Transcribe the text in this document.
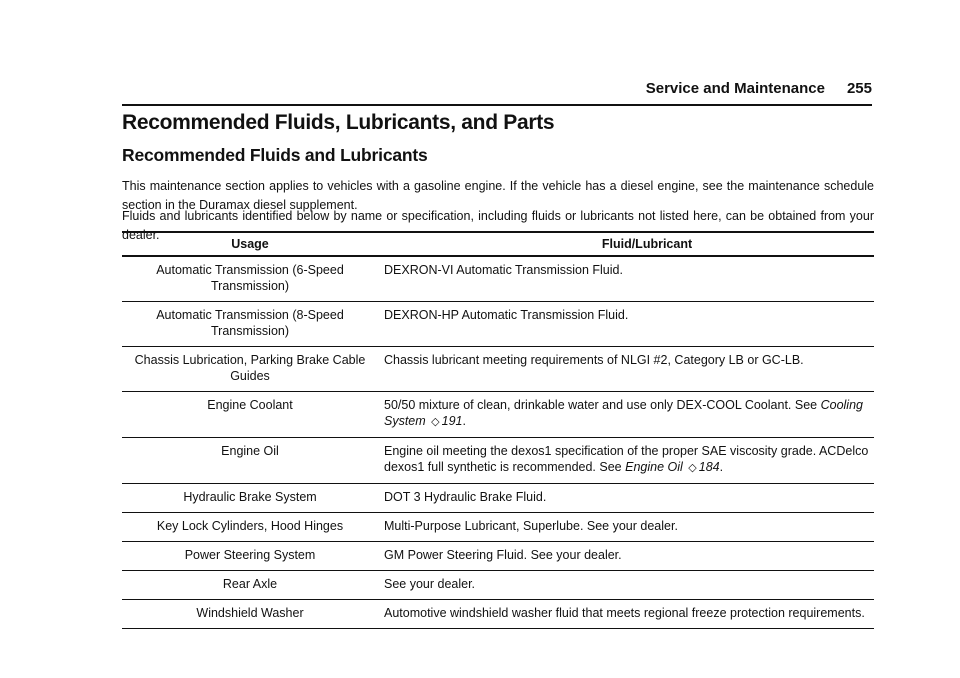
Service and Maintenance 255
Recommended Fluids, Lubricants, and Parts
Recommended Fluids and Lubricants

This maintenance section applies to vehicles with a gasoline engine. If the vehicle has a diesel engine, see the maintenance schedule section in the Duramax diesel supplement.

Fluids and lubricants identified below by name or specification, including fluids or lubricants not listed here, can be obtained from your dealer.

Usage	Fluid/Lubricant
Automatic Transmission (6-Speed Transmission)	DEXRON-VI Automatic Transmission Fluid.
Automatic Transmission (8-Speed Transmission)	DEXRON-HP Automatic Transmission Fluid.
Chassis Lubrication, Parking Brake Cable Guides	Chassis lubricant meeting requirements of NLGI #2, Category LB or GC-LB.
Engine Coolant	50/50 mixture of clean, drinkable water and use only DEX-COOL Coolant. See Cooling System ◇ 191.
Engine Oil	Engine oil meeting the dexos1 specification of the proper SAE viscosity grade. ACDelco dexos1 full synthetic is recommended. See Engine Oil ◇ 184.
Hydraulic Brake System	DOT 3 Hydraulic Brake Fluid.
Key Lock Cylinders, Hood Hinges	Multi-Purpose Lubricant, Superlube. See your dealer.
Power Steering System	GM Power Steering Fluid. See your dealer.
Rear Axle	See your dealer.
Windshield Washer	Automotive windshield washer fluid that meets regional freeze protection requirements.
